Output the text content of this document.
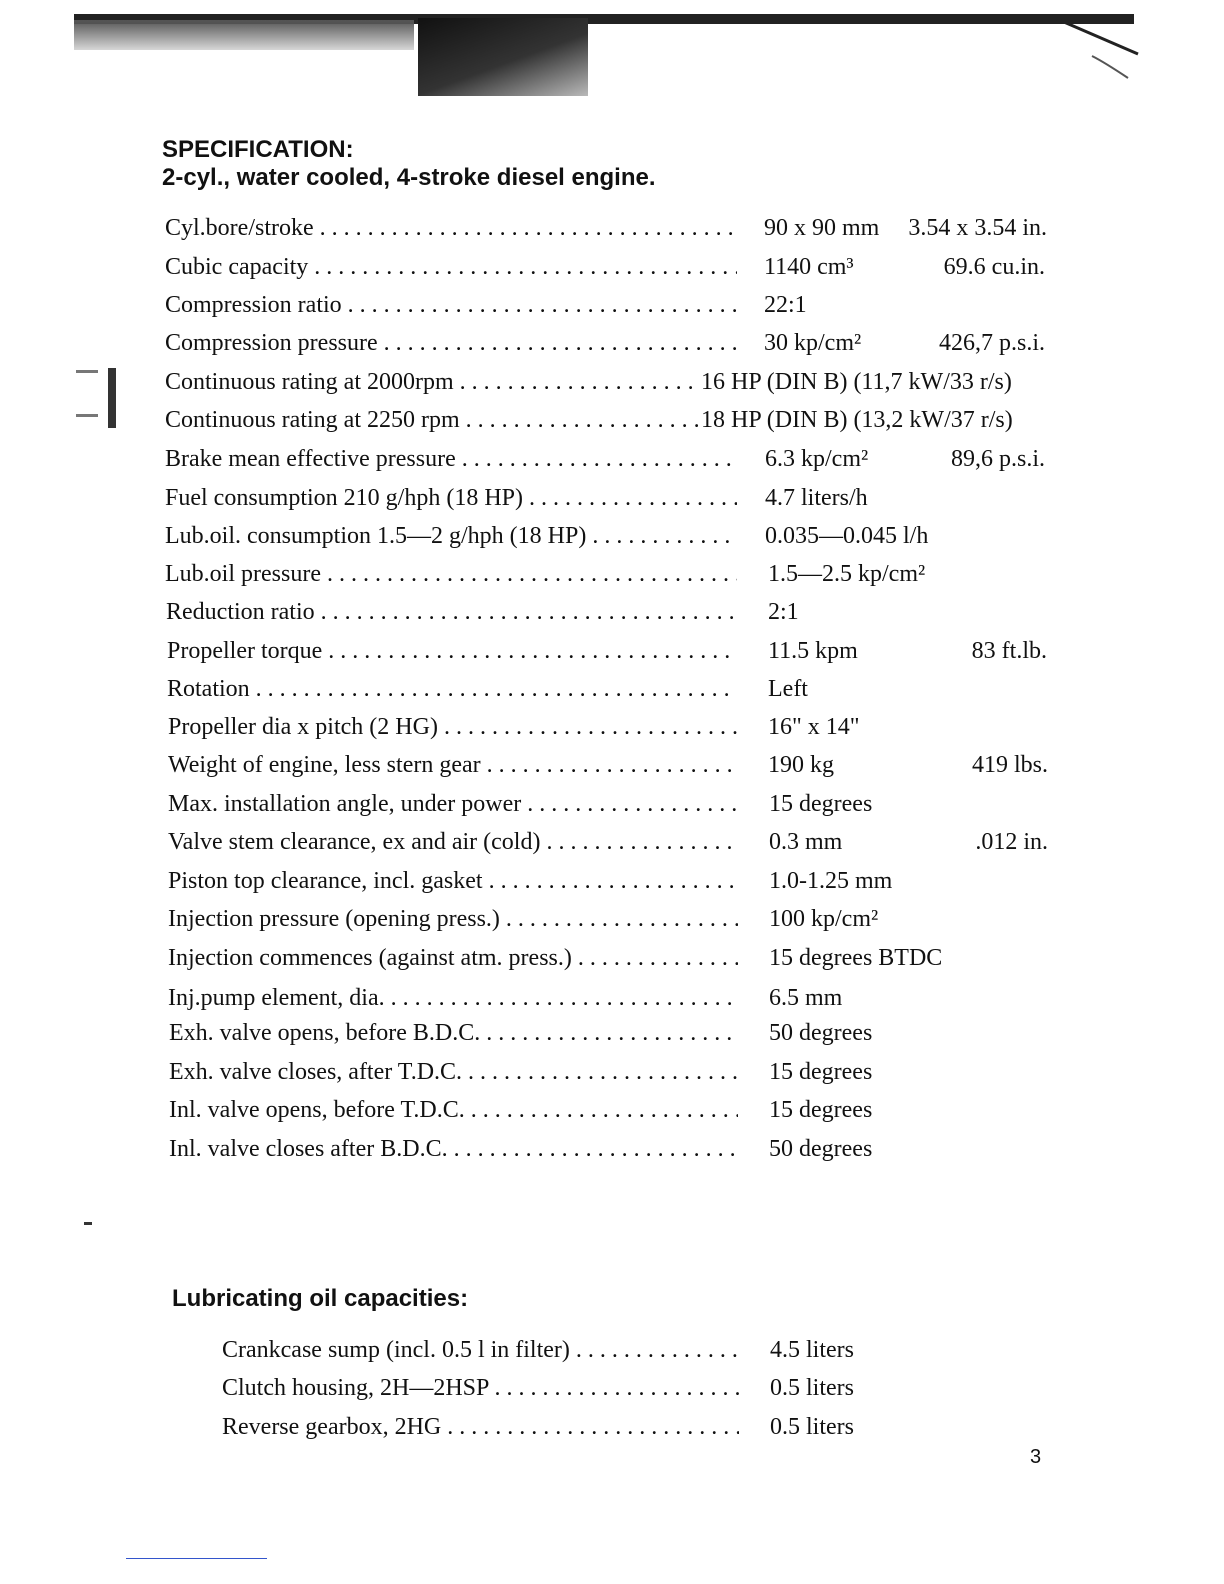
SPECIFICATION:
2-cyl., water cooled, 4-stroke diesel engine.
Cyl.bore/stroke . . .	90 x 90 mm 3.54 x 3.54 in.
Cubic capacity . . .	1140 cm³	69.6 cu.in.
Compression ratio . . .	22:1
Compression pressure . . .	30 kp/cm²	426,7 p.s.i.
Continuous rating at 2000rpm . . .	16 HP (DIN B) (11,7 kW/33 r/s)
Continuous rating at 2250 rpm . . .	18 HP (DIN B) (13,2 kW/37 r/s)
Brake mean effective pressure . . .	6.3 kp/cm²	89,6 p.s.i.
Fuel consumption 210 g/hph (18 HP) . . .	4.7 liters/h
Lub.oil. consumption 1.5—2 g/hph (18 HP) . . .	0.035—0.045 l/h
Lub.oil pressure . . .	1.5—2.5 kp/cm²
Reduction ratio . . .	2:1
Propeller torque . . .	11.5 kpm	83 ft.lb.
Rotation . . .	Left
Propeller dia x pitch (2 HG) . . .	16" x 14"
Weight of engine, less stern gear . . .	190 kg	419 lbs.
Max. installation angle, under power . . .	15 degrees
Valve stem clearance, ex and air (cold) . . .	0.3 mm	.012 in.
Piston top clearance, incl. gasket . . .	1.0-1.25 mm
Injection pressure (opening press.) . . .	100 kp/cm²
Injection commences (against atm. press.) . . .	15 degrees BTDC
Inj.pump element, dia. . . .	6.5 mm
Exh. valve opens, before B.D.C. . . .	50 degrees
Exh. valve closes, after T.D.C. . . .	15 degrees
Inl. valve opens, before T.D.C. . . .	15 degrees
Inl. valve closes after B.D.C. . . .	50 degrees
Lubricating oil capacities:
Crankcase sump (incl. 0.5 l in filter) . . .	4.5 liters
Clutch housing, 2H—2HSP . . .	0.5 liters
Reverse gearbox, 2HG . . .	0.5 liters
3
